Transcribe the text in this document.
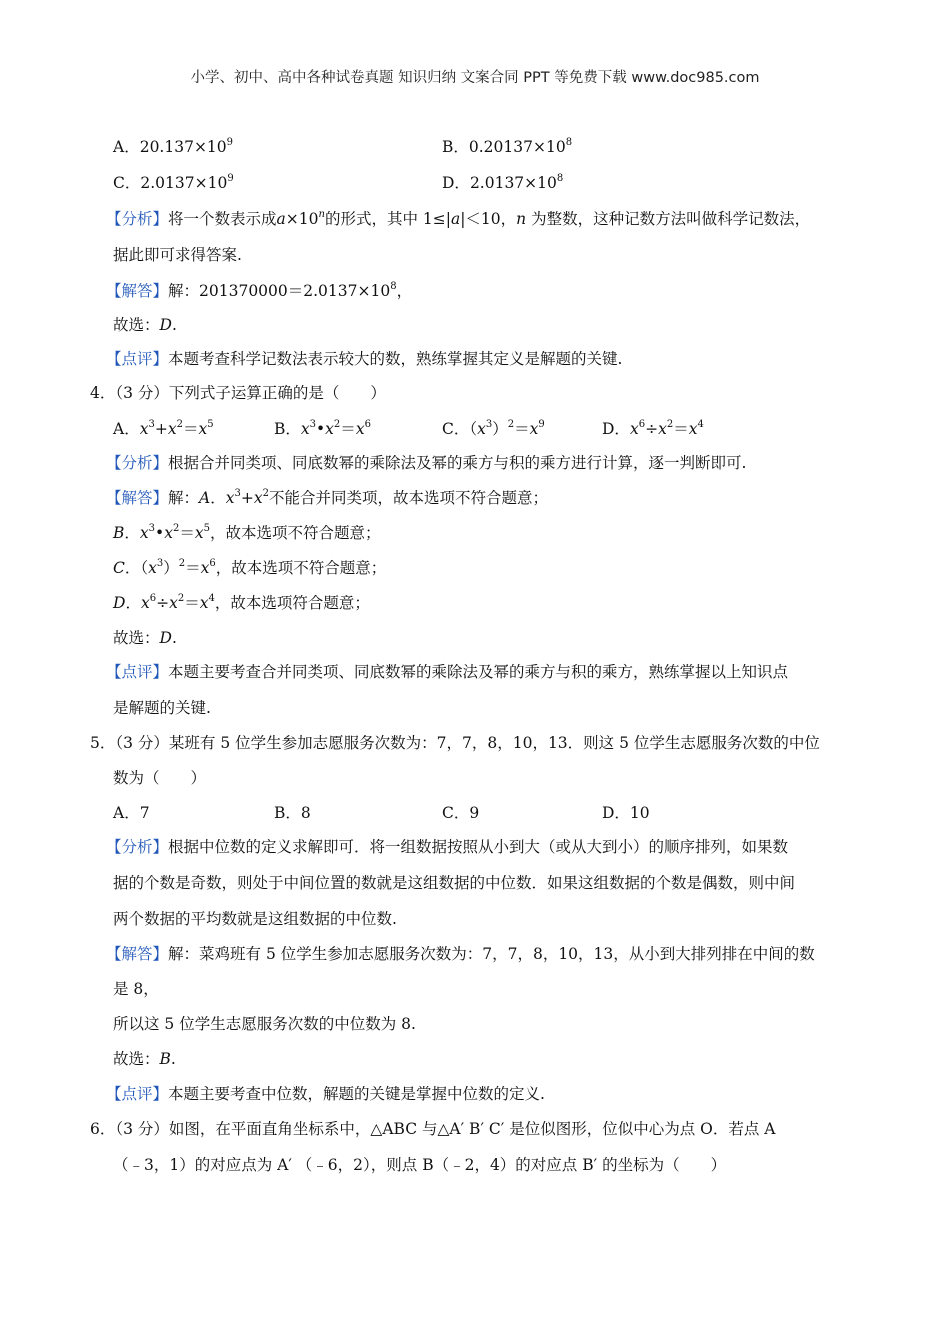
小学、初中、高中各种试卷真题 知识归纳 文案合同 PPT 等免费下载 www.doc985.com
A．$20.137\times 10^9$	B．$0.20137\times 10^8$
C．$2.0137\times 10^9$	D．$2.0137\times 10^8$
【分析】将一个数表示成$a\times 10^n$的形式，其中 1≤|a|＜10，n 为整数，这种记数方法叫做科学记数法，
据此即可求得答案.
【解答】解：$201370000=2.0137\times 10^8$，
故选：D.
【点评】本题考查科学记数法表示较大的数，熟练掌握其定义是解题的关键.
4．（3 分）下列式子运算正确的是（　　）
A．$x^3+x^2=x^5$	B．$x^3•x^2=x^6$	C．$(x^3)^2=x^9$	D．$x^6\div x^2=x^4$
【分析】根据合并同类项、同底数幂的乘除法及幂的乘方与积的乘方进行计算，逐一判断即可.
【解答】解：A．$x^3+x^2$不能合并同类项，故本选项不符合题意；
B．$x^3•x^2=x^5$，故本选项不符合题意；
C．$(x^3)^2=x^6$，故本选项不符合题意；
D．$x^6\div x^2=x^4$，故本选项符合题意；
故选：D.
【点评】本题主要考查合并同类项、同底数幂的乘除法及幂的乘方与积的乘方，熟练掌握以上知识点
是解题的关键.
5．（3 分）某班有 5 位学生参加志愿服务次数为：7，7，8，10，13．则这 5 位学生志愿服务次数的中位
数为（　　）
A．7	B．8	C．9	D．10
【分析】根据中位数的定义求解即可．将一组数据按照从小到大（或从大到小）的顺序排列，如果数
据的个数是奇数，则处于中间位置的数就是这组数据的中位数．如果这组数据的个数是偶数，则中间
两个数据的平均数就是这组数据的中位数.
【解答】解：菜鸡班有 5 位学生参加志愿服务次数为：7，7，8，10，13，从小到大排列排在中间的数
是 8，
所以这 5 位学生志愿服务次数的中位数为 8.
故选：B.
【点评】本题主要考查中位数，解题的关键是掌握中位数的定义.
6．（3 分）如图，在平面直角坐标系中，△ABC 与△A′ B′ C′ 是位似图形，位似中心为点 O．若点 A
（﹣3，1）的对应点为 A′ （﹣6，2），则点 B（﹣2，4）的对应点 B′ 的坐标为（　　）
